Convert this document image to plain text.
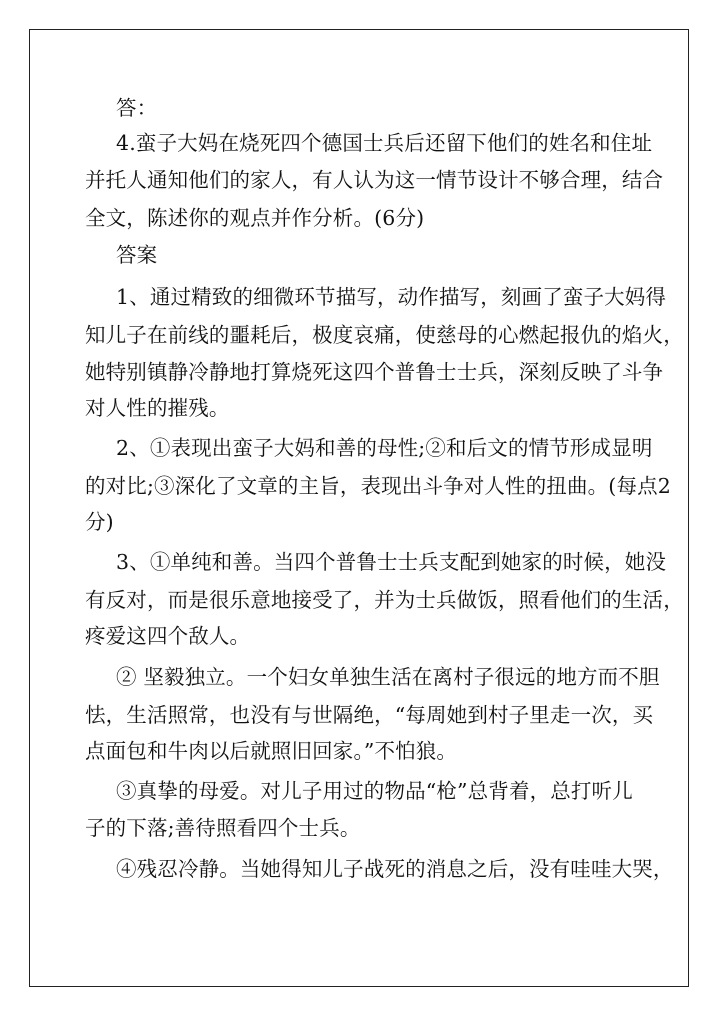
答：
4.蛮子大妈在烧死四个德国士兵后还留下他们的姓名和住址
并托人通知他们的家人，有人认为这一情节设计不够合理，结合
全文，陈述你的观点并作分析。(6分)
答案
1、通过精致的细微环节描写，动作描写，刻画了蛮子大妈得
知儿子在前线的噩耗后，极度哀痛，使慈母的心燃起报仇的焰火，
她特别镇静冷静地打算烧死这四个普鲁士士兵，深刻反映了斗争
对人性的摧残。
2、①表现出蛮子大妈和善的母性;②和后文的情节形成显明
的对比;③深化了文章的主旨，表现出斗争对人性的扭曲。(每点2
分)
3、①单纯和善。当四个普鲁士士兵支配到她家的时候，她没
有反对，而是很乐意地接受了，并为士兵做饭，照看他们的生活，
疼爱这四个敌人。
② 坚毅独立。一个妇女单独生活在离村子很远的地方而不胆
怯，生活照常，也没有与世隔绝，“每周她到村子里走一次，买
点面包和牛肉以后就照旧回家。”不怕狼。
③真挚的母爱。对儿子用过的物品“枪”总背着，总打听儿
子的下落;善待照看四个士兵。
④残忍冷静。当她得知儿子战死的消息之后，没有哇哇大哭，
